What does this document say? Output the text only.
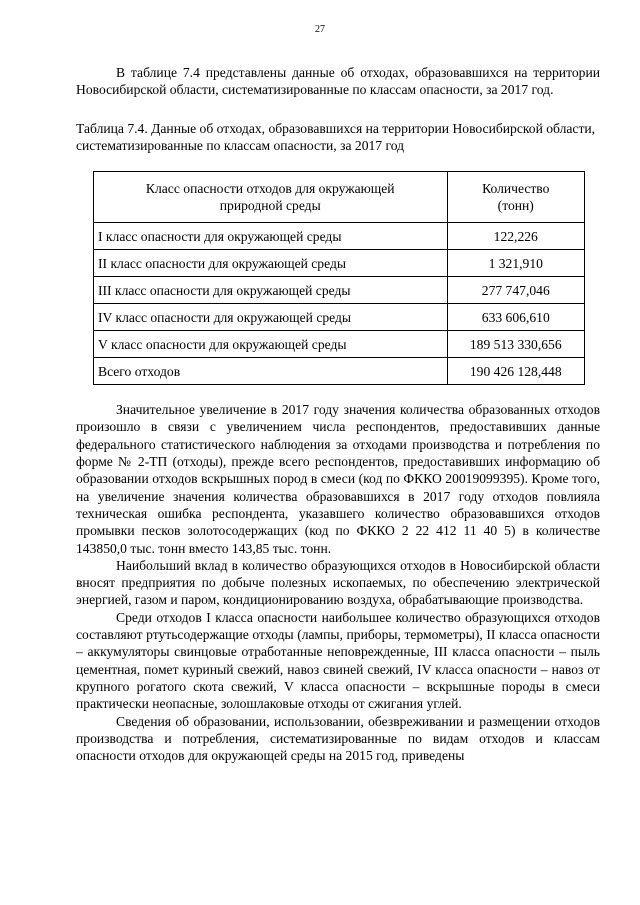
27

В таблице 7.4 представлены данные об отходах, образовавшихся на территории Новосибирской области, систематизированные по классам опасности, за 2017 год.

Таблица 7.4. Данные об отходах, образовавшихся на территории Новосибирской области, систематизированные по классам опасности, за 2017 год

Класс опасности отходов для окружающей
природной среды	Количество
(тонн)
I класс опасности для окружающей среды	122,226
II класс опасности для окружающей среды	1 321,910
III класс опасности для окружающей среды	277 747,046
IV класс опасности для окружающей среды	633 606,610
V класс опасности для окружающей среды	189 513 330,656
Всего отходов	190 426 128,448

Значительное увеличение в 2017 году значения количества образованных отходов произошло в связи с увеличением числа респондентов, предоставивших данные федерального статистического наблюдения за отходами производства и потребления по форме № 2-ТП (отходы), прежде всего респондентов, предоставивших информацию об образовании отходов вскрышных пород в смеси (код по ФККО 20019099395). Кроме того, на увеличение значения количества образовавшихся в 2017 году отходов повлияла техническая ошибка респондента, указавшего количество образовавшихся отходов промывки песков золотосодержащих (код по ФККО 2 22 412 11 40 5) в количестве 143850,0 тыс. тонн вместо 143,85 тыс. тонн.

Наибольший вклад в количество образующихся отходов в Новосибирской области вносят предприятия по добыче полезных ископаемых, по обеспечению электрической энергией, газом и паром, кондиционированию воздуха, обрабатывающие производства.

Среди отходов I класса опасности наибольшее количество образующихся отходов составляют ртутьсодержащие отходы (лампы, приборы, термометры), II класса опасности – аккумуляторы свинцовые отработанные неповрежденные, III класса опасности – пыль цементная, помет куриный свежий, навоз свиней свежий, IV класса опасности – навоз от крупного рогатого скота свежий, V класса опасности – вскрышные породы в смеси практически неопасные, золошлаковые отходы от сжигания углей.

Сведения об образовании, использовании, обезвреживании и размещении отходов производства и потребления, систематизированные по видам отходов и классам опасности отходов для окружающей среды на 2015 год, приведены
